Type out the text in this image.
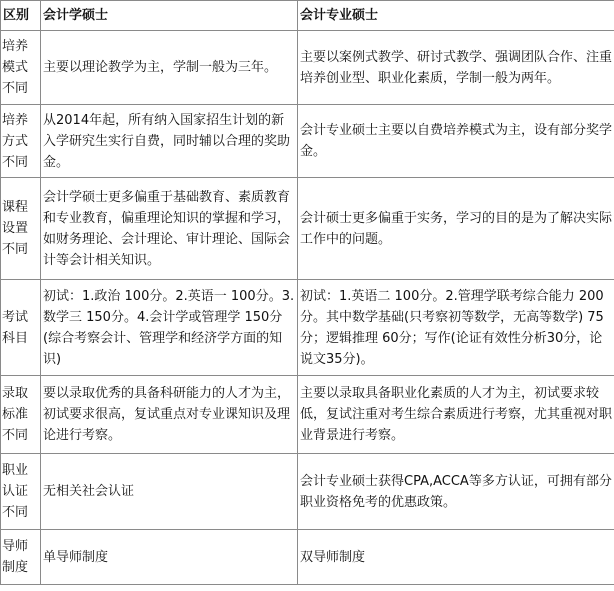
区别	会计学硕士	会计专业硕士
培养模式不同	主要以理论教学为主，学制一般为三年。	主要以案例式教学、研讨式教学、强调团队合作、注重培养创业型、职业化素质，学制一般为两年。
培养方式不同	从2014年起，所有纳入国家招生计划的新入学研究生实行自费，同时辅以合理的奖助金。	会计专业硕士主要以自费培养模式为主，设有部分奖学金。
课程设置不同	会计学硕士更多偏重于基础教育、素质教育和专业教育，偏重理论知识的掌握和学习，如财务理论、会计理论、审计理论、国际会计等会计相关知识。	会计硕士更多偏重于实务，学习的目的是为了解决实际工作中的问题。
考试科目	初试：1.政治 100分。2.英语一 100分。3.数学三 150分。4.会计学或管理学 150分(综合考察会计、管理学和经济学方面的知识)	初试：1.英语二 100分。2.管理学联考综合能力 200分。其中数学基础(只考察初等数学，无高等数学) 75分；逻辑推理 60分；写作(论证有效性分析30分，论说文35分)。
录取标准不同	要以录取优秀的具备科研能力的人才为主，初试要求很高，复试重点对专业课知识及理论进行考察。	主要以录取具备职业化素质的人才为主，初试要求较低，复试注重对考生综合素质进行考察，尤其重视对职业背景进行考察。
职业认证不同	无相关社会认证	会计专业硕士获得CPA,ACCA等多方认证，可拥有部分职业资格免考的优惠政策。
导师制度	单导师制度	双导师制度
